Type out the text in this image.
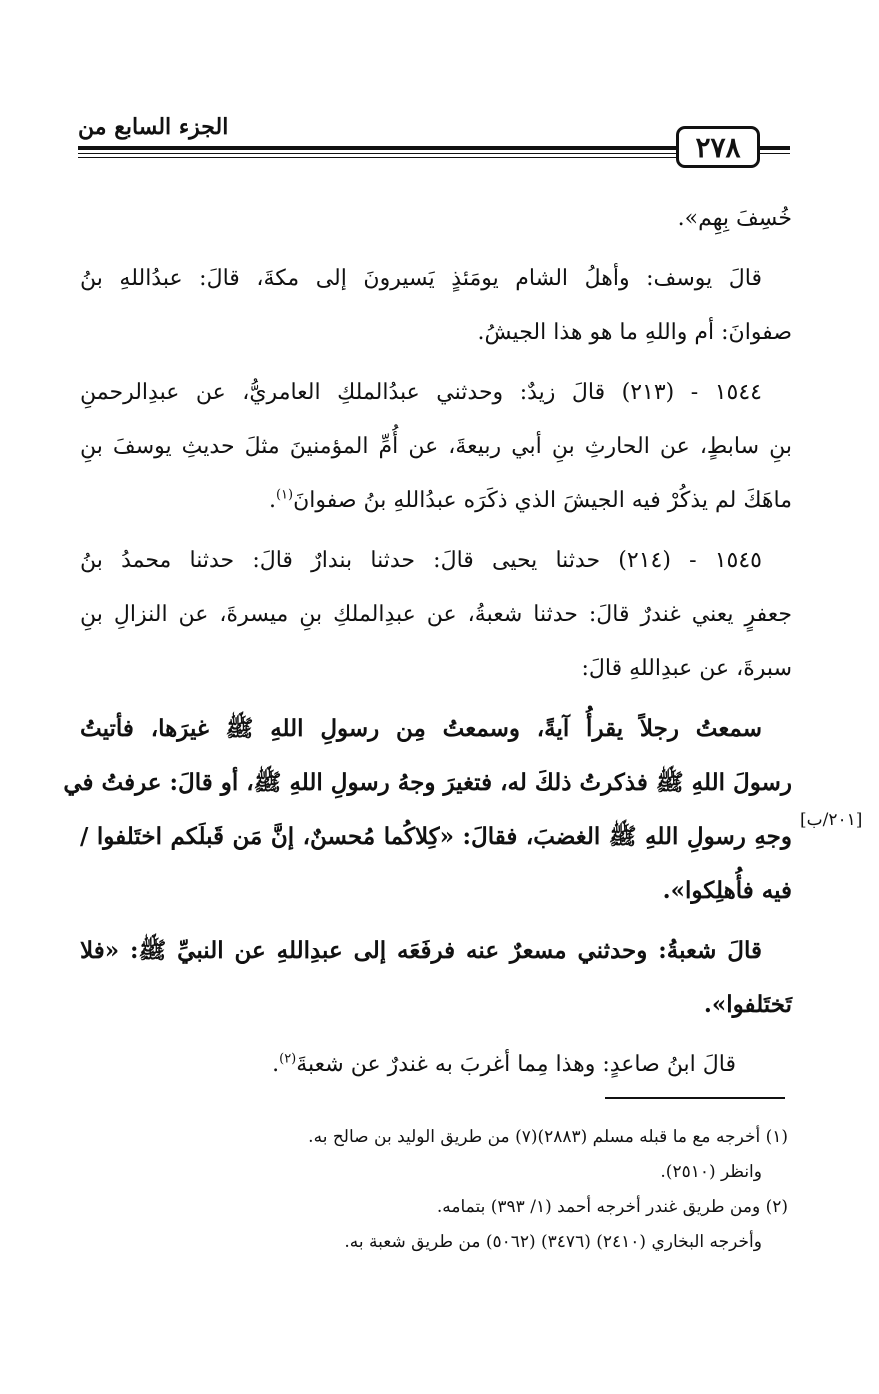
الجزء السابع من
٢٧٨
خُسِفَ بِهِم».
قالَ يوسف: وأهلُ الشام يومَئذٍ يَسيرونَ إلى مكةَ، قالَ: عبدُاللهِ بنُ
صفوانَ: أم واللهِ ما هو هذا الجيشُ.
١٥٤٤ - (٢١٣) قالَ زيدٌ: وحدثني عبدُالملكِ العامريُّ، عن عبدِالرحمنِ
بنِ سابطٍ، عن الحارثِ بنِ أبي ربيعةَ، عن أُمِّ المؤمنينَ مثلَ حديثِ يوسفَ بنِ
ماهَكَ لم يذكُرْ فيه الجيشَ الذي ذكَرَه عبدُاللهِ بنُ صفوانَ$^{(١)}$.
١٥٤٥ - (٢١٤) حدثنا يحيى قالَ: حدثنا بندارٌ قالَ: حدثنا محمدُ بنُ
جعفرٍ يعني غندرٌ قالَ: حدثنا شعبةُ، عن عبدِالملكِ بنِ ميسرةَ، عن النزالِ بنِ
سبرةَ، عن عبدِاللهِ قالَ:
سمعتُ رجلاً يقرأُ آيةً، وسمعتُ مِن رسولِ اللهِ ﷺ غيرَها، فأتيتُ
رسولَ اللهِ ﷺ فذكرتُ ذلكَ له، فتغيرَ وجهُ رسولِ اللهِ ﷺ، أو قالَ: عرفتُ في
وجهِ رسولِ اللهِ ﷺ الغضبَ، فقالَ: «كِلاكُما مُحسنٌ، إنَّ مَن قَبلَكم اختَلفوا /
فيه فأُهلِكوا».
قالَ شعبةُ: وحدثني مسعرٌ عنه فرفَعَه إلى عبدِاللهِ عن النبيِّ ﷺ: «فلا
تَختَلفوا».
قالَ ابنُ صاعدٍ: وهذا مِما أغربَ به غندرٌ عن شعبةَ$^{(٢)}$.
[٢٠١/ب]
(١) أخرجه مع ما قبله مسلم (٢٨٨٣)(٧) من طريق الوليد بن صالح به.
وانظر (٢٥١٠).
(٢) ومن طريق غندر أخرجه أحمد (١/ ٣٩٣) بتمامه.
وأخرجه البخاري (٢٤١٠) (٣٤٧٦) (٥٠٦٢) من طريق شعبة به.
